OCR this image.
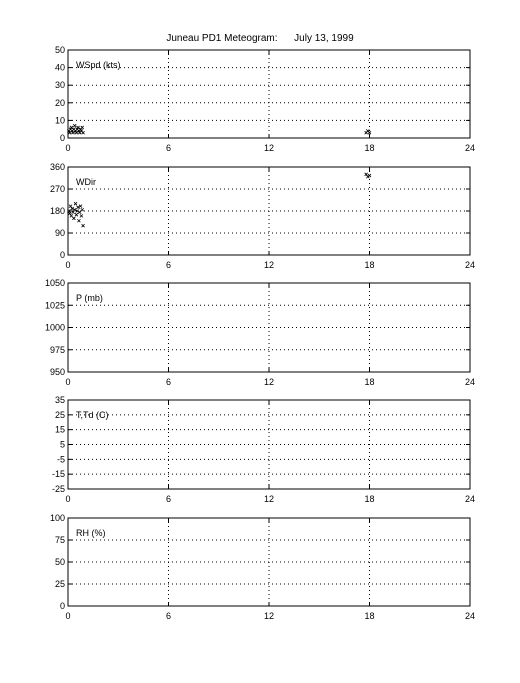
Juneau PD1 Meteogram: July 13, 1999
0	6	12	18	24
0
10
20
30
40
50
WSpd (kts)
0	6	12	18	24
0
90
180
270
360
WDir
0	6	12	18	24
950
975
1000
1025
1050
P (mb)
0	6	12	18	24
-25
-15
-5
5
15
25
35
T,Td (C)
0	6	12	18	24
0
25
50
75
100
RH (%)
